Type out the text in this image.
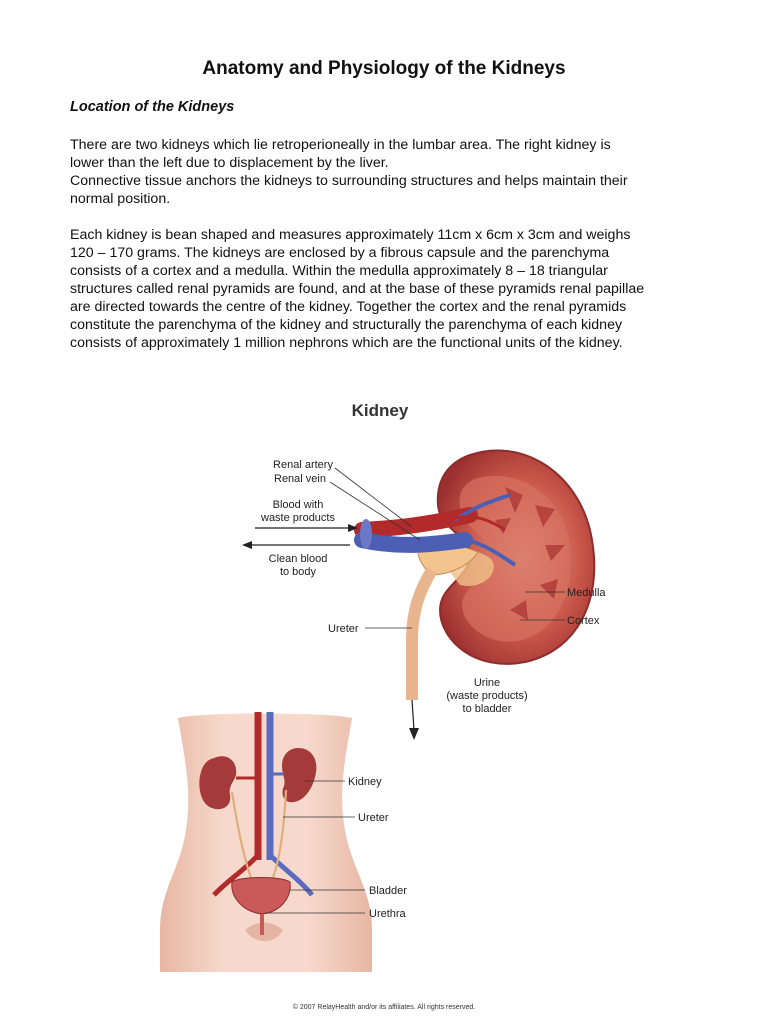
Anatomy and Physiology of the Kidneys
Location of the Kidneys
There are two kidneys which lie retroperioneally in the lumbar area. The right kidney is
lower than the left due to displacement by the liver.
Connective tissue anchors the kidneys to surrounding structures and helps maintain their
normal position.
Each kidney is bean shaped and measures approximately 11cm x 6cm x 3cm and weighs
120 – 170 grams. The kidneys are enclosed by a fibrous capsule and the parenchyma
consists of a cortex and a medulla. Within the medulla approximately 8 – 18 triangular
structures called renal pyramids are found, and at the base of these pyramids renal papillae
are directed towards the centre of the kidney. Together the cortex and the renal pyramids
constitute the parenchyma of the kidney and structurally the parenchyma of each kidney
consists of approximately 1 million nephrons which are the functional units of the kidney.
Kidney
Renal artery
Renal vein
Blood with
waste products
Clean blood
to body
Ureter
Medulla
Cortex
Urine
(waste products)
to bladder
Kidney
Ureter
Bladder
Urethra
© 2007 RelayHealth and/or its affiliates. All rights reserved.
